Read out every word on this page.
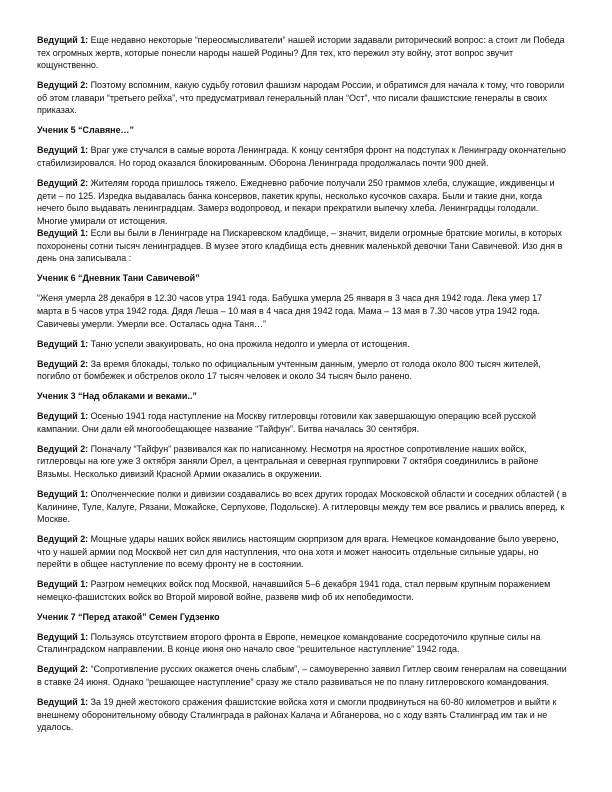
Ведущий 1: Еще недавно некоторые “переосмысливатели” нашей истории задавали риторический вопрос: а стоит ли Победа тех огромных жертв, которые понесли народы нашей Родины? Для тех, кто пережил эту войну, этот вопрос звучит кощунственно.

Ведущий 2: Поэтому вспомним, какую судьбу готовил фашизм народам России, и обратимся для начала к тому, что говорили об этом главари “третьего рейха”, что предусматривал генеральный план “Ост”, что писали фашистские генералы в своих приказах.

Ученик 5 “Славяне…”

Ведущий 1: Враг уже стучался в самые ворота Ленинграда. К концу сентября фронт на подступах к Ленинграду окончательно стабилизировался. Но город оказался блокированным. Оборона Ленинграда продолжалась почти 900 дней.

Ведущий 2: Жителям города пришлось тяжело. Ежедневно рабочие получали 250 граммов хлеба, служащие, иждивенцы и дети – по 125. Изредка выдавалась банка консервов, пакетик крупы, несколько кусочков сахара. Были и такие дни, когда нечего было выдавать ленинградцам. Замерз водопровод, и пекари прекратили выпечку хлеба. Ленинградцы голодали. Многие умирали от истощения.

Ведущий 1: Если вы были в Ленинграде на Пискаревском кладбище, – значит, видели огромные братские могилы, в которых похоронены сотни тысяч ленинградцев. В музее этого кладбища есть дневник маленькой девочки Тани Савичевой. Изо дня в день она записывала :

Ученик 6 “Дневник Тани Савичевой”

“Женя умерла 28 декабря в 12.30 часов утра 1941 года. Бабушка умерла 25 января в 3 часа дня 1942 года. Лека умер 17 марта в 5 часов утра 1942 года. Дядя Леша – 10 мая в 4 часа дня 1942 года. Мама – 13 мая в 7.30 часов утра 1942 года. Савичевы умерли. Умерли все. Осталась одна Таня…”

Ведущий 1: Таню успели эвакуировать, но она прожила недолго и умерла от истощения.

Ведущий 2: За время блокады, только по официальным учтенным данным, умерло от голода около 800 тысяч жителей, погибло от бомбежек и обстрелов около 17 тысяч человек и около 34 тысяч было ранено.

Ученик 3 “Над облаками и веками..”

Ведущий 1: Осенью 1941 года наступление на Москву гитлеровцы готовили как завершающую операцию всей русской кампании. Они дали ей многообещающее название “Тайфун”. Битва началась 30 сентября.

Ведущий 2: Поначалу “Тайфун” развивался как по написанному. Несмотря на яростное сопротивление наших войск, гитлеровцы на юге уже 3 октября заняли Орел, а центральная и северная группировки 7 октября соединились в районе Вязьмы. Несколько дивизий Красной Армии оказались в окружении.

Ведущий 1: Ополченческие полки и дивизии создавались во всех других городах Московской области и соседних областей ( в Калинине, Туле, Калуге, Рязани, Можайске, Серпухове, Подольске). А гитлеровцы между тем все рвались и рвались вперед, к Москве.

Ведущий 2: Мощные удары наших войск явились настоящим сюрпризом для врага. Немецкое командование было уверено, что у нашей армии под Москвой нет сил для наступления, что она хотя и может наносить отдельные сильные удары, но перейти в общее наступление по всему фронту не в состоянии.

Ведущий 1: Разгром немецких войск под Москвой, начавшийся 5–6 декабря 1941 года, стал первым крупным поражением немецко-фашистских войск во Второй мировой войне, развеяв миф об их непобедимости.

Ученик 7 “Перед атакой” Семен Гудзенко

Ведущий 1: Пользуясь отсутствием второго фронта в Европе, немецкое командование сосредоточило крупные силы на Сталинградском направлении. В конце июня оно начало свое “решительное наступление” 1942 года.

Ведущий 2: “Сопротивление русских окажется очень слабым”, – самоуверенно заявил Гитлер своим генералам на совещании в ставке 24 июня. Однако “решающее наступление” сразу же стало развиваться не по плану гитлеровского командования.

Ведущий 1: За 19 дней жестокого сражения фашистские войска хотя и смогли продвинуться на 60-80 километров и выйти к внешнему оборонительному обводу Сталинграда в районах Калача и Абганерова, но с ходу взять Сталинград им так и не удалось.
